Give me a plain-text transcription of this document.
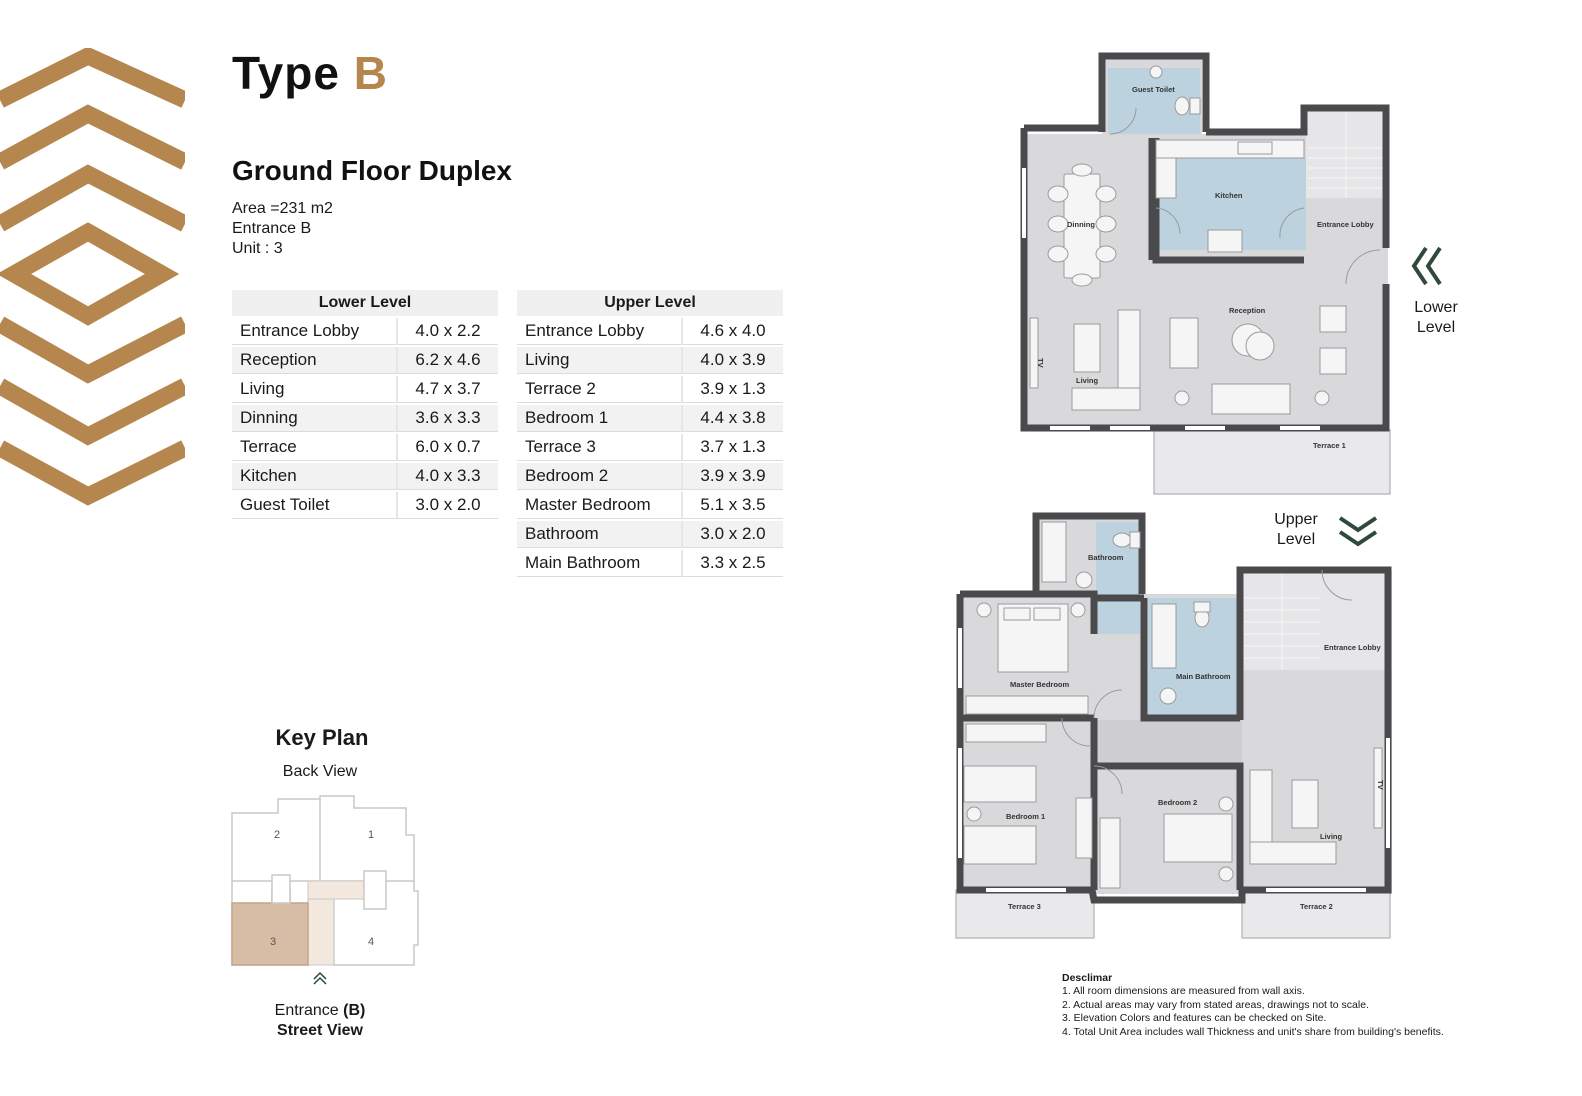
Type B
Ground Floor Duplex
Area =231 m2
Entrance B
Unit : 3
Lower Level	
Entrance Lobby	4.0 x 2.2
Reception	6.2 x 4.6
Living	4.7 x 3.7
Dinning	3.6 x 3.3
Terrace	6.0 x 0.7
Kitchen	4.0 x 3.3
Guest Toilet	3.0 x 2.0
Upper Level	
Entrance Lobby	4.6 x 4.0
Living	4.0 x 3.9
Terrace 2	3.9 x 1.3
Bedroom 1	4.4 x 3.8
Terrace 3	3.7 x 1.3
Bedroom 2	3.9 x 3.9
Master Bedroom	5.1 x 3.5
Bathroom	3.0 x 2.0
Main Bathroom	3.3 x 2.5
Key Plan
Back View
2	1
3	4
Entrance (B)
Street View
Guest Toilet
Kitchen
Dinning	Entrance Lobby
Reception
Living
Terrace 1
TV
Lower
Level
Upper
Level
Bathroom
Master Bedroom
Main Bathroom
Entrance Lobby
Bedroom 1
Bedroom 2
Living
Terrace 3	Terrace 2
TV
Desclimar
1. All room dimensions are measured from wall axis.
2. Actual areas may vary from stated areas, drawings not to scale.
3. Elevation Colors and features can be checked on Site.
4. Total Unit Area includes wall Thickness and unit's share from building's benefits.
